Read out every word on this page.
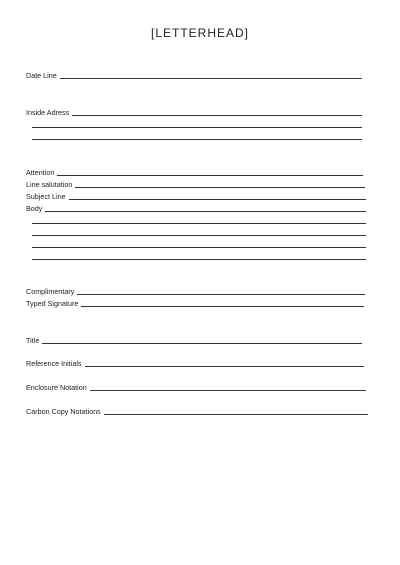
[LETTERHEAD]
Date Line
Inside Adress
Attention
Line salutation
Subject Line
Body
Complimentary
Typed Signature
Title
Reference Initials
Enclosure Notation
Carbon Copy Notations
